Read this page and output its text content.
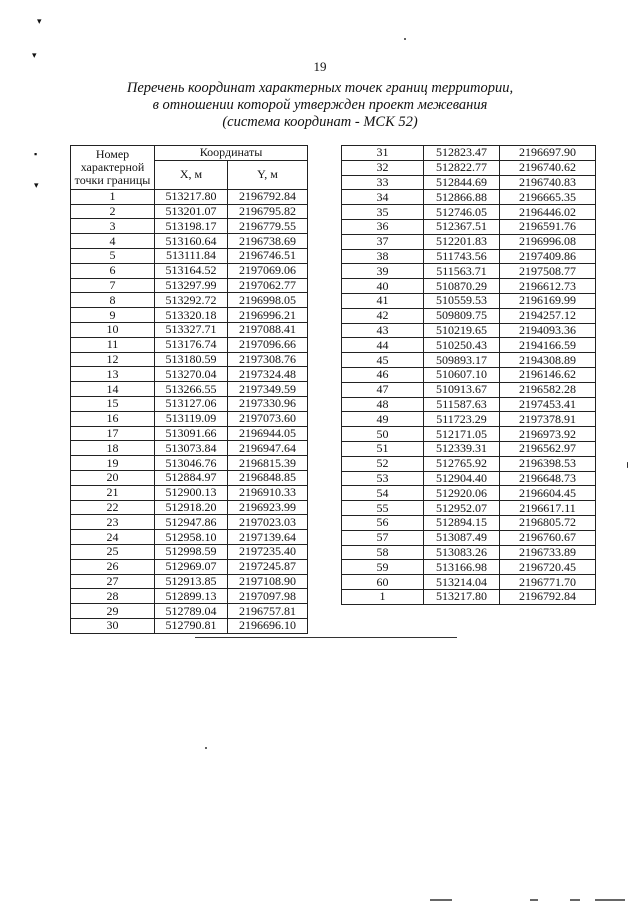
▾
▾
▪
▾
19
Перечень координат характерных точек границ территории,
в отношении которой утвержден проект межевания
(система координат - МСК 52)
Номер
характерной
точки границы	Координаты	
	X, м	Y, м
1	513217.80	2196792.84
2	513201.07	2196795.82
3	513198.17	2196779.55
4	513160.64	2196738.69
5	513111.84	2196746.51
6	513164.52	2197069.06
7	513297.99	2197062.77
8	513292.72	2196998.05
9	513320.18	2196996.21
10	513327.71	2197088.41
11	513176.74	2197096.66
12	513180.59	2197308.76
13	513270.04	2197324.48
14	513266.55	2197349.59
15	513127.06	2197330.96
16	513119.09	2197073.60
17	513091.66	2196944.05
18	513073.84	2196947.64
19	513046.76	2196815.39
20	512884.97	2196848.85
21	512900.13	2196910.33
22	512918.20	2196923.99
23	512947.86	2197023.03
24	512958.10	2197139.64
25	512998.59	2197235.40
26	512969.07	2197245.87
27	512913.85	2197108.90
28	512899.13	2197097.98
29	512789.04	2196757.81
30	512790.81	2196696.10
31	512823.47	2196697.90
32	512822.77	2196740.62
33	512844.69	2196740.83
34	512866.88	2196665.35
35	512746.05	2196446.02
36	512367.51	2196591.76
37	512201.83	2196996.08
38	511743.56	2197409.86
39	511563.71	2197508.77
40	510870.29	2196612.73
41	510559.53	2196169.99
42	509809.75	2194257.12
43	510219.65	2194093.36
44	510250.43	2194166.59
45	509893.17	2194308.89
46	510607.10	2196146.62
47	510913.67	2196582.28
48	511587.63	2197453.41
49	511723.29	2197378.91
50	512171.05	2196973.92
51	512339.31	2196562.97
52	512765.92	2196398.53
53	512904.40	2196648.73
54	512920.06	2196604.45
55	512952.07	2196617.11
56	512894.15	2196805.72
57	513087.49	2196760.67
58	513083.26	2196733.89
59	513166.98	2196720.45
60	513214.04	2196771.70
1	513217.80	2196792.84
